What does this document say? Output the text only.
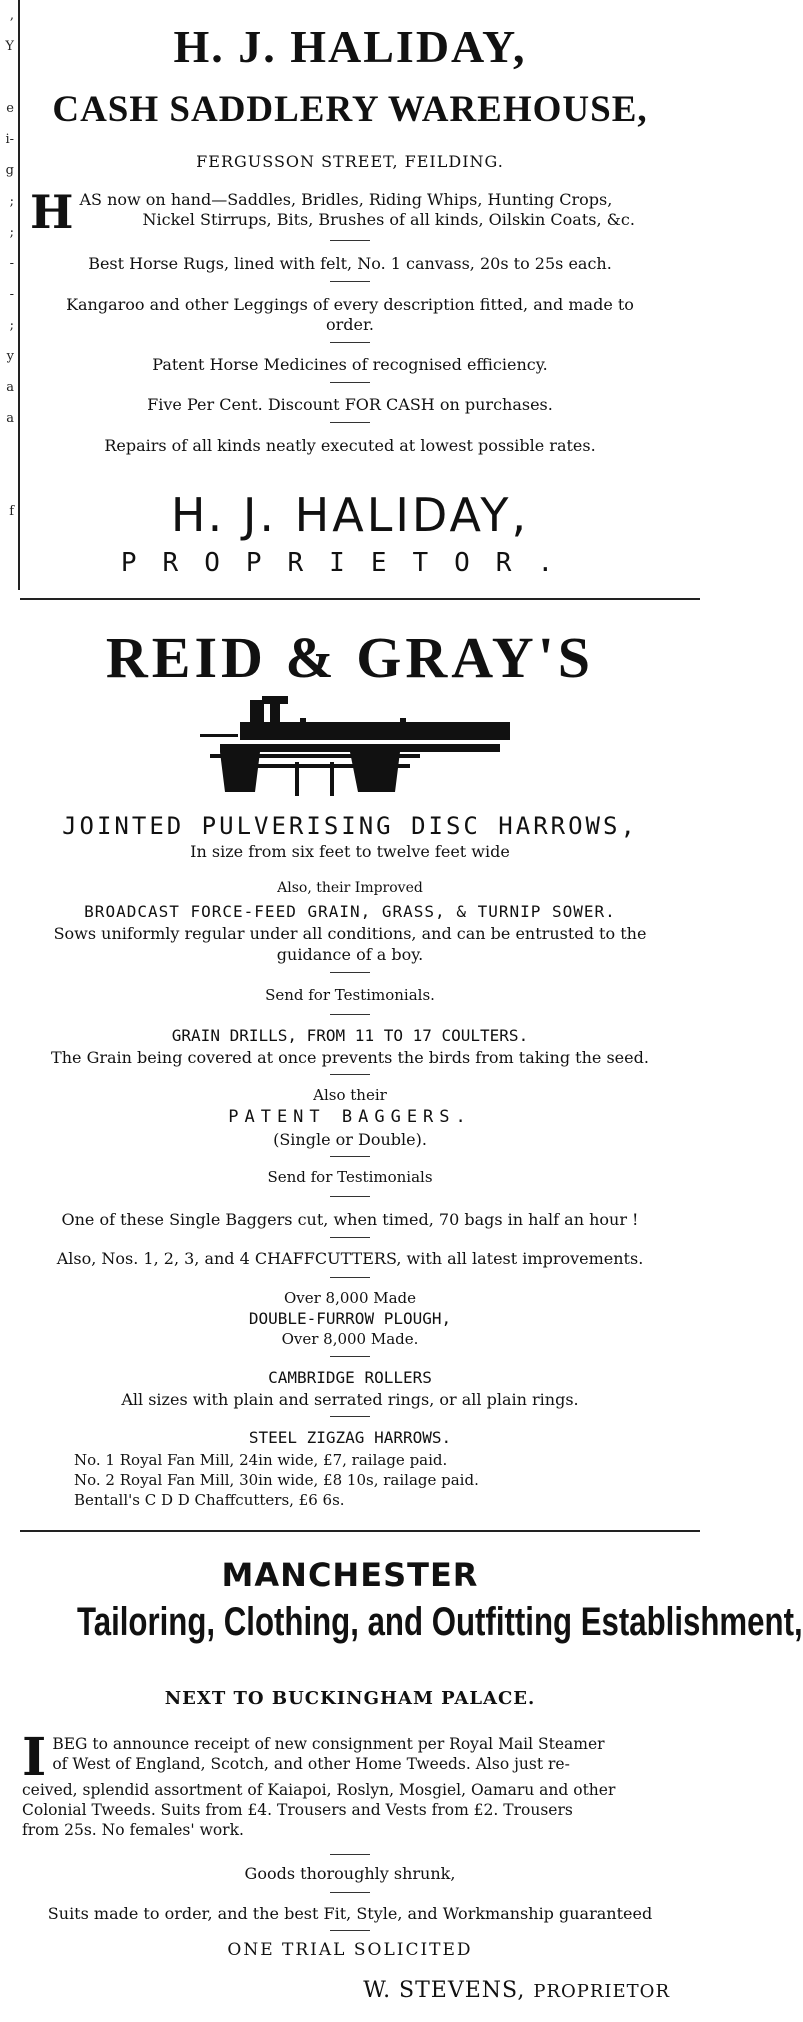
,
Y

e
i-
g
;
;
-
-
;
y
a
a

f
H. J. HALIDAY,
CASH SADDLERY WAREHOUSE,
FERGUSSON STREET, FEILDING.
H AS now on hand—Saddles, Bridles, Riding Whips, Hunting Crops,

Nickel Stirrups, Bits, Brushes of all kinds, Oilskin Coats, &c.
Best Horse Rugs, lined with felt, No. 1 canvass, 20s to 25s each.
Kangaroo and other Leggings of every description fitted, and made to
order.
Patent Horse Medicines of recognised efficiency.
Five Per Cent. Discount FOR CASH on purchases.
Repairs of all kinds neatly executed at lowest possible rates.
H. J. HALIDAY,
PROPRIETOR.
REID & GRAY'S
JOINTED PULVERISING DISC HARROWS,
In size from six feet to twelve feet wide
Also, their Improved
BROADCAST FORCE-FEED GRAIN, GRASS, & TURNIP SOWER.
Sows uniformly regular under all conditions, and can be entrusted to the
guidance of a boy.
Send for Testimonials.
GRAIN DRILLS, FROM 11 TO 17 COULTERS.
The Grain being covered at once prevents the birds from taking the seed.
Also their
PATENT BAGGERS.
(Single or Double).
Send for Testimonials
One of these Single Baggers cut, when timed, 70 bags in half an hour !
Also, Nos. 1, 2, 3, and 4 CHAFFCUTTERS, with all latest improvements.
Over 8,000 Made
DOUBLE-FURROW PLOUGH,
Over 8,000 Made.
CAMBRIDGE ROLLERS
All sizes with plain and serrated rings, or all plain rings.
STEEL ZIGZAG HARROWS.
No. 1 Royal Fan Mill, 24in wide, £7, railage paid.
No. 2 Royal Fan Mill, 30in wide, £8 10s, railage paid.
Bentall's C D D Chaffcutters, £6 6s.
MANCHESTER
Tailoring, Clothing, and Outfitting Establishment,
NEXT TO BUCKINGHAM PALACE.
I BEG to announce receipt of new consignment per Royal Mail Steamer
of West of England, Scotch, and other Home Tweeds. Also just re-

ceived, splendid assortment of Kaiapoi, Roslyn, Mosgiel, Oamaru and other
Colonial Tweeds. Suits from £4. Trousers and Vests from £2. Trousers
from 25s. No females' work.
Goods thoroughly shrunk,
Suits made to order, and the best Fit, Style, and Workmanship guaranteed
ONE TRIAL SOLICITED
W. STEVENS, PROPRIETOR
